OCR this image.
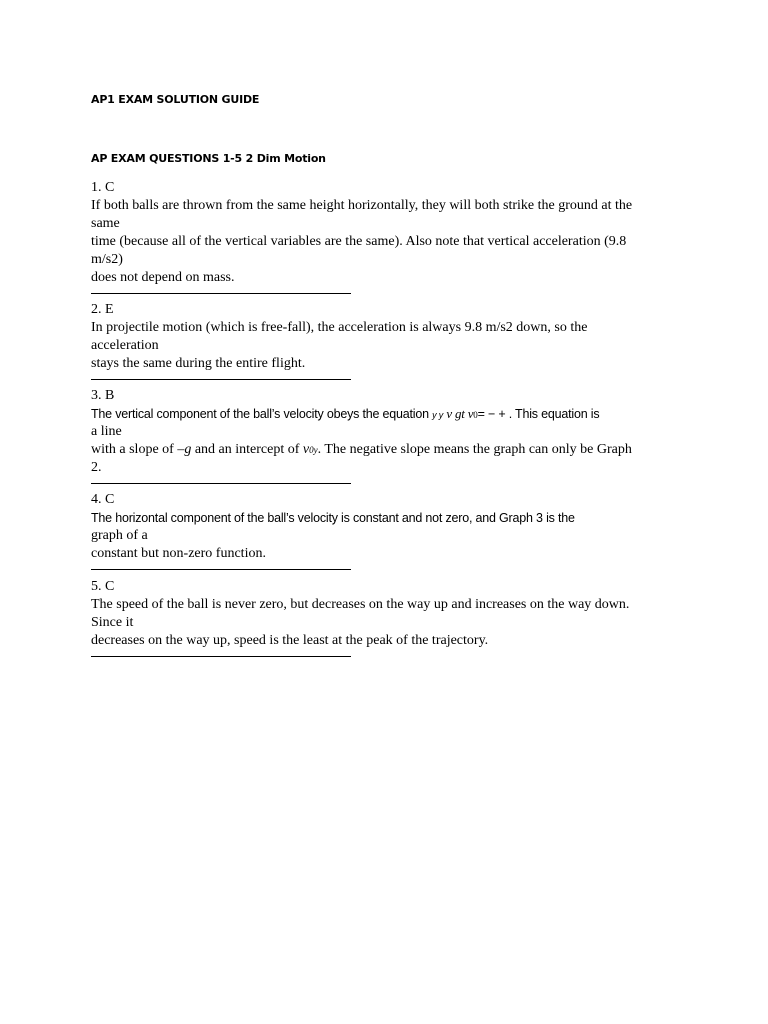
AP1 EXAM SOLUTION GUIDE
AP EXAM QUESTIONS 1-5 2 Dim Motion
1. C
If both balls are thrown from the same height horizontally, they will both strike the ground at the
same
time (because all of the vertical variables are the same). Also note that vertical acceleration (9.8
m/s2)
does not depend on mass.
2. E
In projectile motion (which is free-fall), the acceleration is always 9.8 m/s2 down, so the
acceleration
stays the same during the entire flight.
3. B
The vertical component of the ball’s velocity obeys the equation y y v gt v0= − + . This equation is
a line
with a slope of –g and an intercept of v0y. The negative slope means the graph can only be Graph
2.
4. C
The horizontal component of the ball’s velocity is constant and not zero, and Graph 3 is the
graph of a
constant but non-zero function.
5. C
The speed of the ball is never zero, but decreases on the way up and increases on the way down.
Since it
decreases on the way up, speed is the least at the peak of the trajectory.
